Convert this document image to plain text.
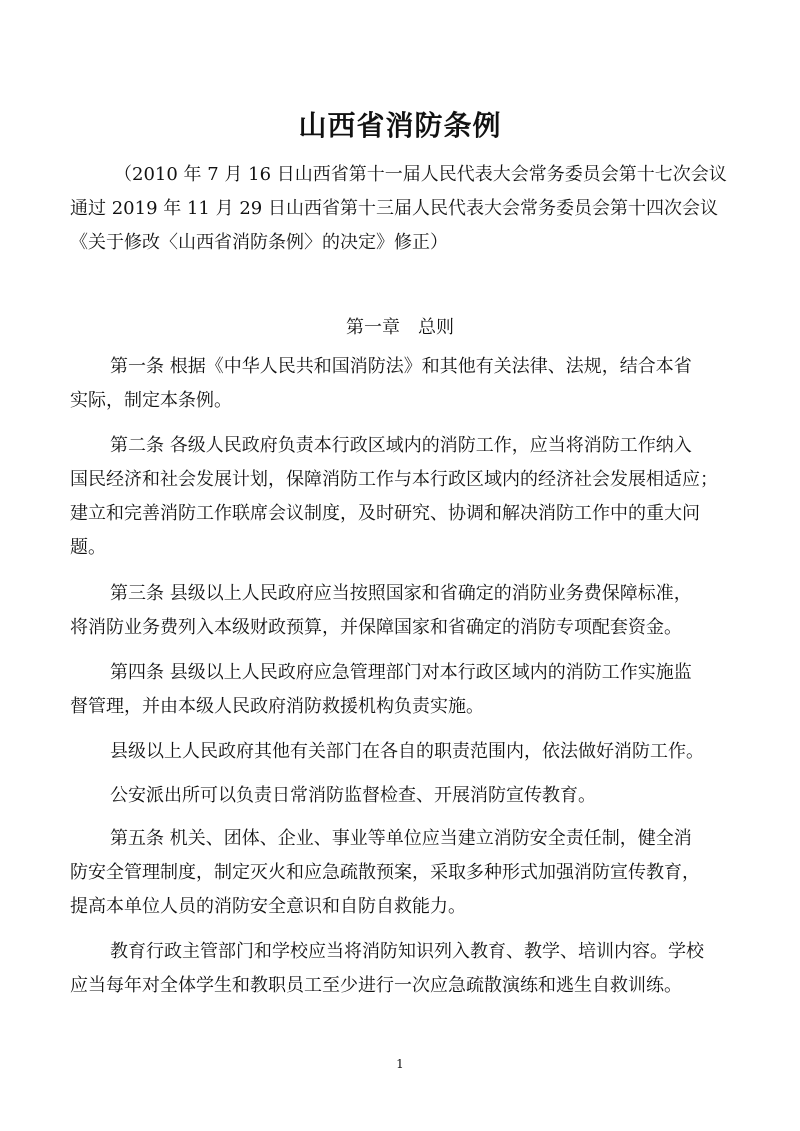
山西省消防条例
（2010 年 7 月 16 日山西省第十一届人民代表大会常务委员会第十七次会议
通过 2019 年 11 月 29 日山西省第十三届人民代表大会常务委员会第十四次会议
《关于修改〈山西省消防条例〉的决定》修正）
第一章　总则
第一条 根据《中华人民共和国消防法》和其他有关法律、法规，结合本省
实际，制定本条例。
第二条 各级人民政府负责本行政区域内的消防工作，应当将消防工作纳入
国民经济和社会发展计划，保障消防工作与本行政区域内的经济社会发展相适应；
建立和完善消防工作联席会议制度，及时研究、协调和解决消防工作中的重大问
题。
第三条 县级以上人民政府应当按照国家和省确定的消防业务费保障标准，
将消防业务费列入本级财政预算，并保障国家和省确定的消防专项配套资金。
第四条 县级以上人民政府应急管理部门对本行政区域内的消防工作实施监
督管理，并由本级人民政府消防救援机构负责实施。
县级以上人民政府其他有关部门在各自的职责范围内，依法做好消防工作。
公安派出所可以负责日常消防监督检查、开展消防宣传教育。
第五条 机关、团体、企业、事业等单位应当建立消防安全责任制，健全消
防安全管理制度，制定灭火和应急疏散预案，采取多种形式加强消防宣传教育，
提高本单位人员的消防安全意识和自防自救能力。
教育行政主管部门和学校应当将消防知识列入教育、教学、培训内容。学校
应当每年对全体学生和教职员工至少进行一次应急疏散演练和逃生自救训练。
1
